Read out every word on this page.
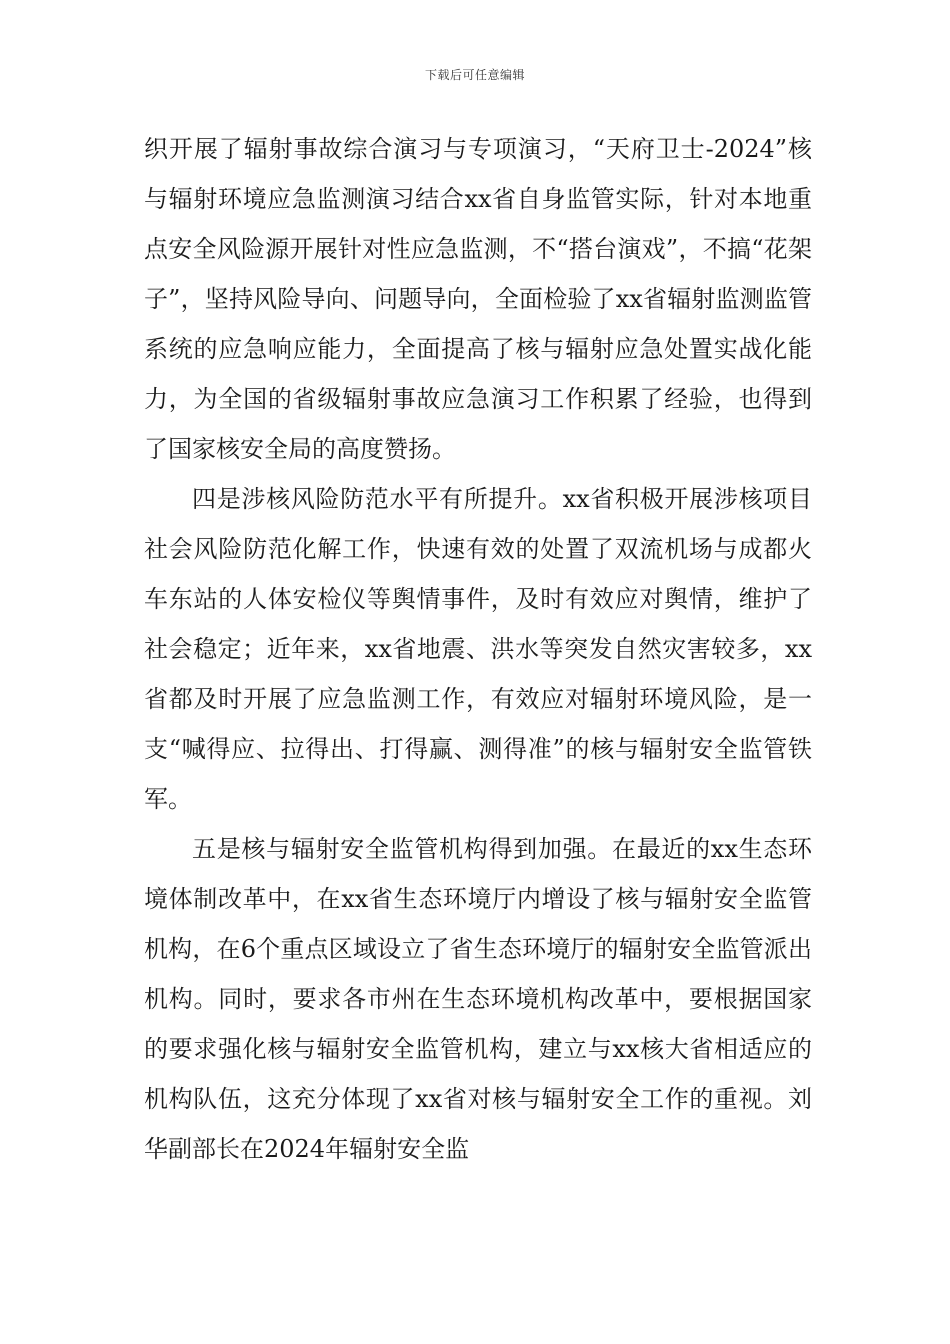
下载后可任意编辑

织开展了辐射事故综合演习与专项演习，“天府卫士-2024”核与辐射环境应急监测演习结合xx省自身监管实际，针对本地重点安全风险源开展针对性应急监测，不“搭台演戏”，不搞“花架子”，坚持风险导向、问题导向，全面检验了xx省辐射监测监管系统的应急响应能力，全面提高了核与辐射应急处置实战化能力，为全国的省级辐射事故应急演习工作积累了经验，也得到了国家核安全局的高度赞扬。

四是涉核风险防范水平有所提升。xx省积极开展涉核项目社会风险防范化解工作，快速有效的处置了双流机场与成都火车东站的人体安检仪等舆情事件，及时有效应对舆情，维护了社会稳定；近年来，xx省地震、洪水等突发自然灾害较多，xx省都及时开展了应急监测工作，有效应对辐射环境风险，是一支“喊得应、拉得出、打得赢、测得准”的核与辐射安全监管铁军。

五是核与辐射安全监管机构得到加强。在最近的xx生态环境体制改革中，在xx省生态环境厅内增设了核与辐射安全监管机构，在6个重点区域设立了省生态环境厅的辐射安全监管派出机构。同时，要求各市州在生态环境机构改革中，要根据国家的要求强化核与辐射安全监管机构，建立与xx核大省相适应的机构队伍，这充分体现了xx省对核与辐射安全工作的重视。刘华副部长在2024年辐射安全监
